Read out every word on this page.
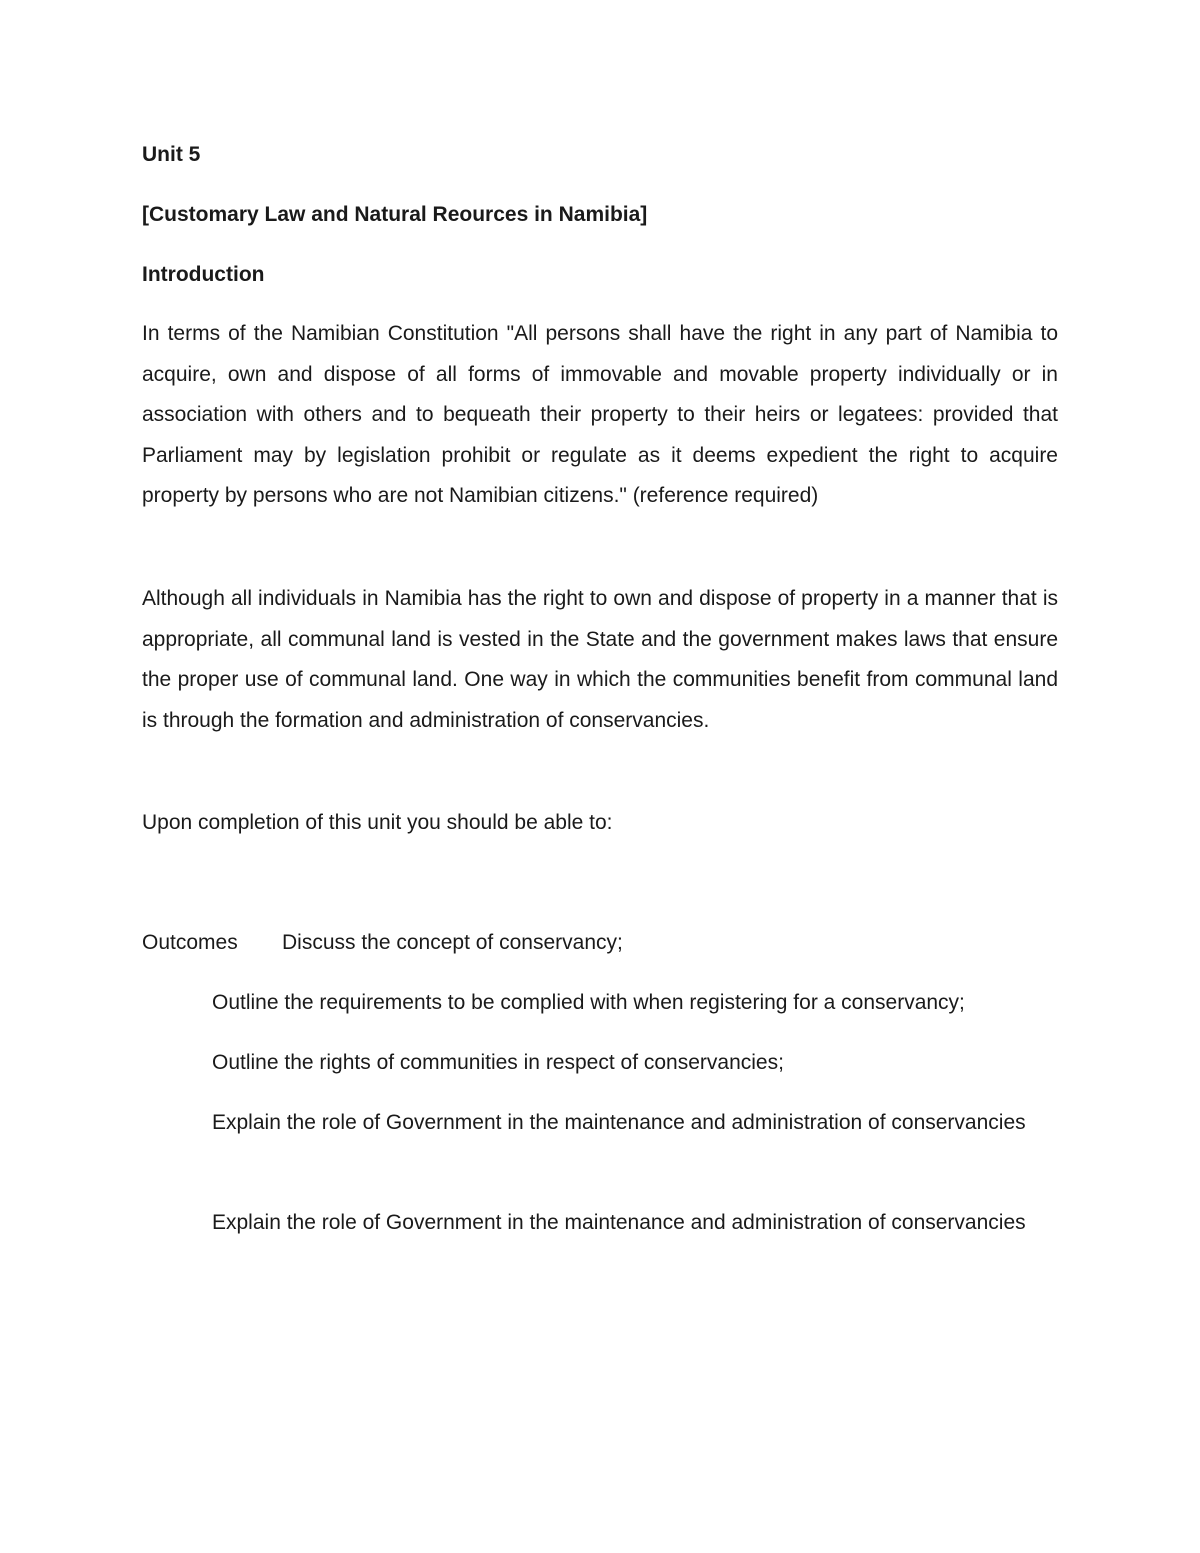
Unit 5
[Customary Law and Natural Reources in Namibia]
Introduction

In terms of the Namibian Constitution "All persons shall have the right in any part of Namibia to acquire, own and dispose of all forms of immovable and movable property individually or in association with others and to bequeath their property to their heirs or legatees: provided that Parliament may by legislation prohibit or regulate as it deems expedient the right to acquire property by persons who are not Namibian citizens." (reference required)

Although all individuals in Namibia has the right to own and dispose of property in a manner that is appropriate, all communal land is vested in the State and the government makes laws that ensure the proper use of communal land. One way in which the communities benefit from communal land is through the formation and administration of conservancies.

Upon completion of this unit you should be able to:

Outcomes Discuss the concept of conservancy;

Outline the requirements to be complied with when registering for a conservancy;

Outline the rights of communities in respect of conservancies;

Explain the role of Government in the maintenance and administration of conservancies

Explain the role of Government in the maintenance and administration of conservancies
